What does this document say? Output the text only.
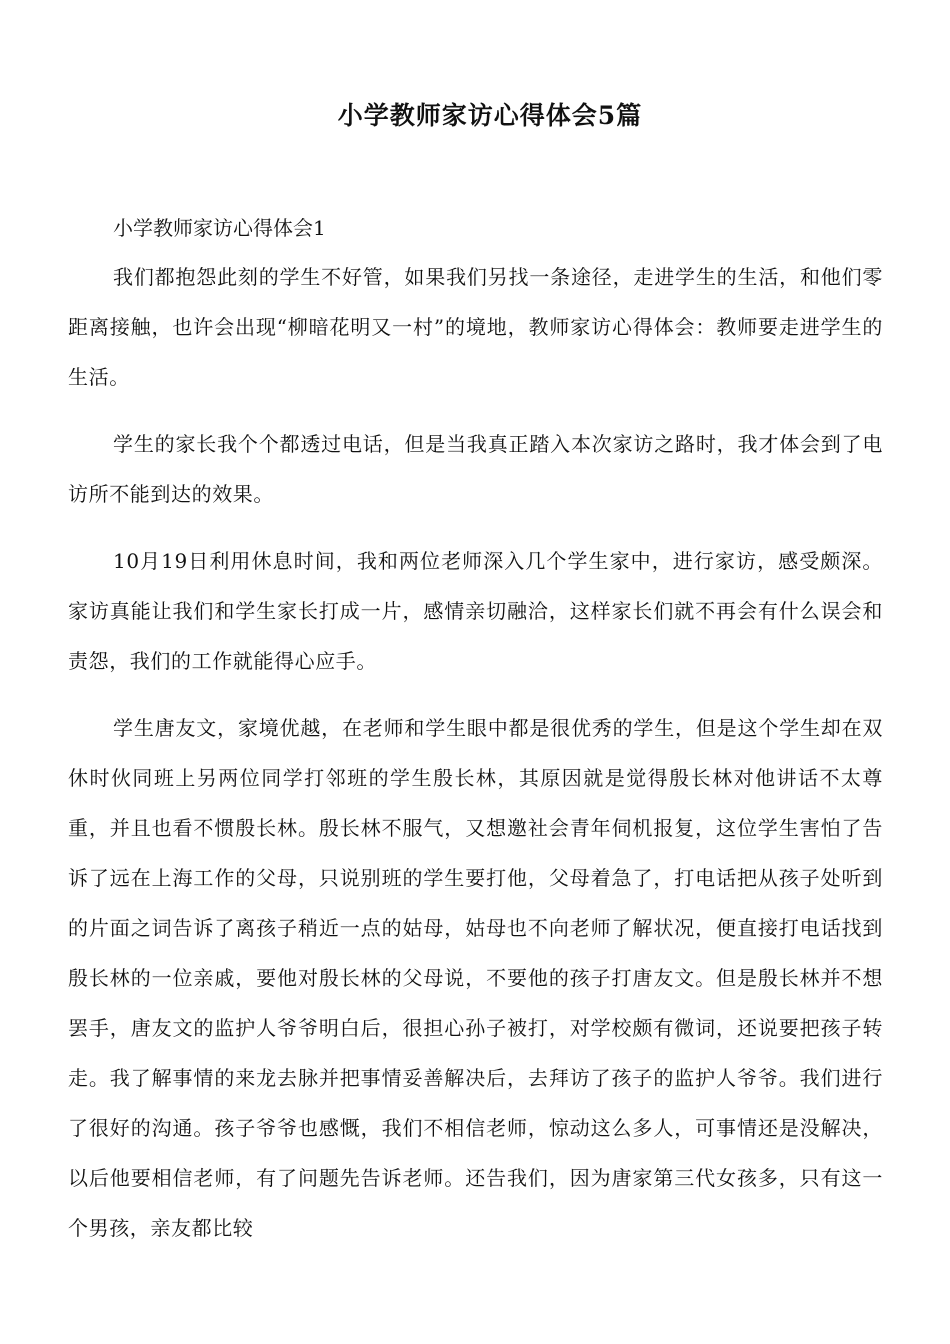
小学教师家访心得体会5篇

小学教师家访心得体会1

我们都抱怨此刻的学生不好管，如果我们另找一条途径，走进学生的生活，和他们零距离接触，也许会出现“柳暗花明又一村”的境地，教师家访心得体会：教师要走进学生的生活。

学生的家长我个个都透过电话，但是当我真正踏入本次家访之路时，我才体会到了电访所不能到达的效果。

10月19日利用休息时间，我和两位老师深入几个学生家中，进行家访，感受颇深。家访真能让我们和学生家长打成一片，感情亲切融洽，这样家长们就不再会有什么误会和责怨，我们的工作就能得心应手。

学生唐友文，家境优越，在老师和学生眼中都是很优秀的学生，但是这个学生却在双休时伙同班上另两位同学打邻班的学生殷长林，其原因就是觉得殷长林对他讲话不太尊重，并且也看不惯殷长林。殷长林不服气，又想邀社会青年伺机报复，这位学生害怕了告诉了远在上海工作的父母，只说别班的学生要打他，父母着急了，打电话把从孩子处听到的片面之词告诉了离孩子稍近一点的姑母，姑母也不向老师了解状况，便直接打电话找到殷长林的一位亲戚，要他对殷长林的父母说，不要他的孩子打唐友文。但是殷长林并不想罢手，唐友文的监护人爷爷明白后，很担心孙子被打，对学校颇有微词，还说要把孩子转走。我了解事情的来龙去脉并把事情妥善解决后，去拜访了孩子的监护人爷爷。我们进行了很好的沟通。孩子爷爷也感慨，我们不相信老师，惊动这么多人，可事情还是没解决，以后他要相信老师，有了问题先告诉老师。还告我们，因为唐家第三代女孩多，只有这一个男孩，亲友都比较
